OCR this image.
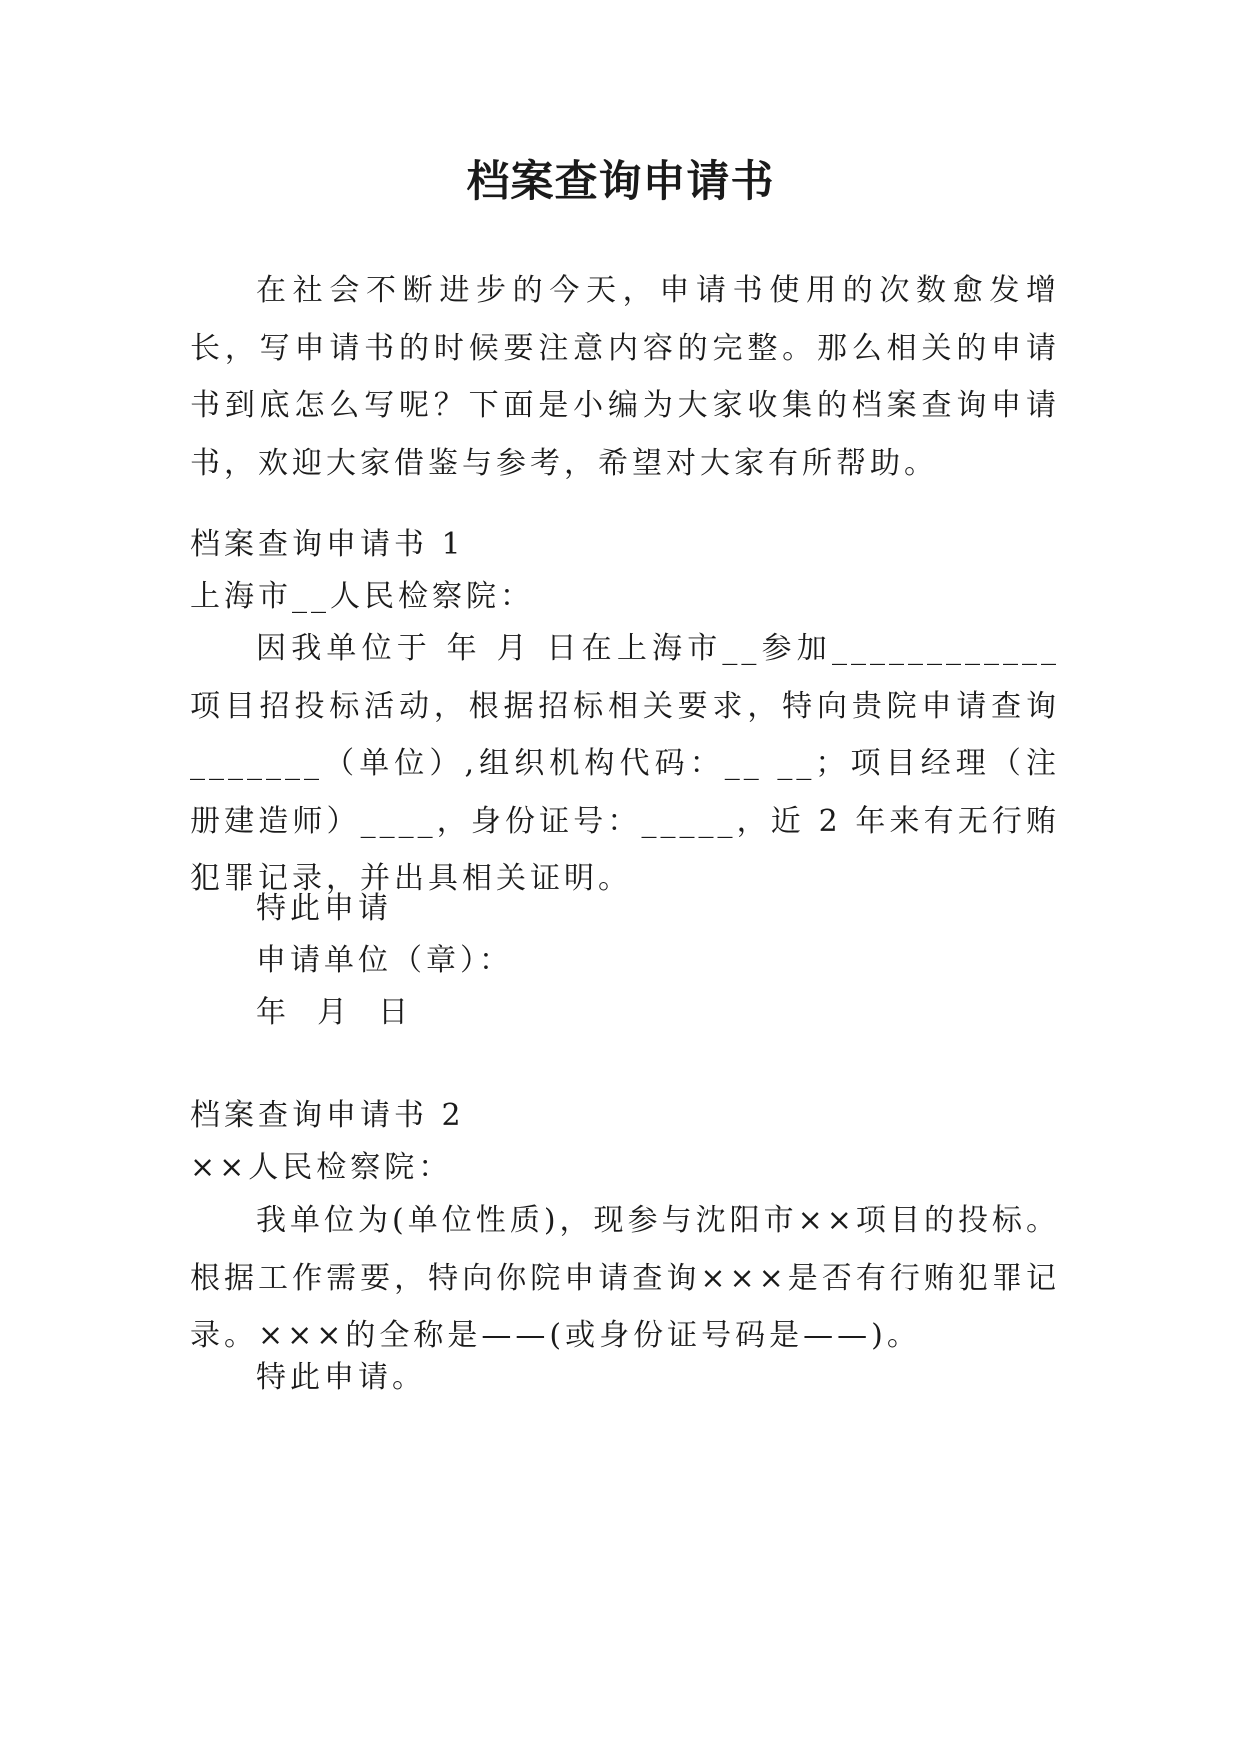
档案查询申请书

在社会不断进步的今天，申请书使用的次数愈发增长，写申请书的时候要注意内容的完整。那么相关的申请书到底怎么写呢？下面是小编为大家收集的档案查询申请书，欢迎大家借鉴与参考，希望对大家有所帮助。

档案查询申请书 1

上海市__人民检察院：

因我单位于 年 月 日在上海市__参加____________ 项目招投标活动，根据招标相关要求，特向贵院申请查询_______（单位）,组织机构代码：__ __；项目经理（注册建造师）____，身份证号：_____，近 2 年来有无行贿犯罪记录，并出具相关证明。

特此申请

申请单位（章）：

年  月  日

档案查询申请书 2

××人民检察院：

我单位为(单位性质)，现参与沈阳市××项目的投标。根据工作需要，特向你院申请查询×××是否有行贿犯罪记录。×××的全称是——(或身份证号码是——)。

特此申请。
